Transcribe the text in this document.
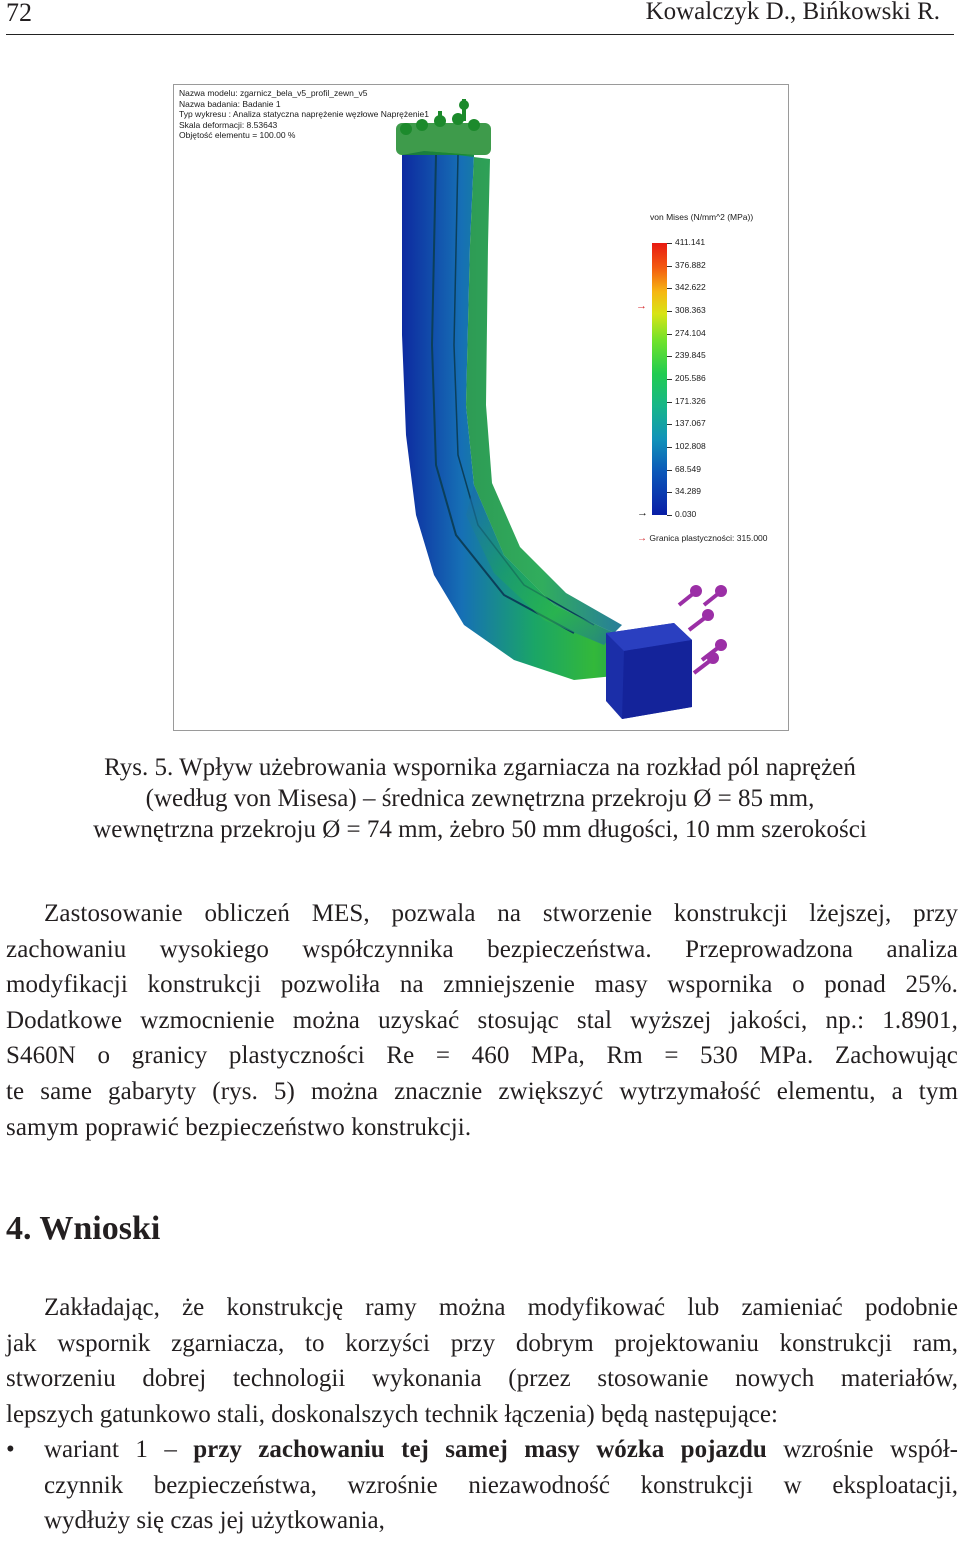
72	Kowalczyk D., Bińkowski R.
Nazwa modelu: zgarnicz_bela_v5_profil_zewn_v5
Nazwa badania: Badanie 1
Typ wykresu : Analiza statyczna naprężenie węzłowe Naprężenie1
Skala deformacji: 8.53643
Objętość elementu = 100.00 %
von Mises (N/mm^2 (MPa))
→
→
411.141
376.882
342.622
308.363
274.104
239.845
205.586
171.326
137.067
102.808
68.549
34.289
0.030
→ Granica plastyczności: 315.000
Rys. 5. Wpływ użebrowania wspornika zgarniacza na rozkład pól naprężeń
(według von Misesa) – średnica zewnętrzna przekroju Ø = 85 mm,
wewnętrzna przekroju Ø = 74 mm, żebro 50 mm długości, 10 mm szerokości
Zastosowanie obliczeń MES, pozwala na stworzenie konstrukcji lżejszej, przy
zachowaniu wysokiego współczynnika bezpieczeństwa. Przeprowadzona analiza
modyfikacji konstrukcji pozwoliła na zmniejszenie masy wspornika o ponad 25%.
Dodatkowe wzmocnienie można uzyskać stosując stal wyższej jakości, np.: 1.8901,
S460N o granicy plastyczności Re = 460 MPa, Rm = 530 MPa. Zachowując
te same gabaryty (rys. 5) można znacznie zwiększyć wytrzymałość elementu, a tym
samym poprawić bezpieczeństwo konstrukcji.
4. Wnioski
Zakładając, że konstrukcję ramy można modyfikować lub zamieniać podobnie
jak wspornik zgarniacza, to korzyści przy dobrym projektowaniu konstrukcji ram,
stworzeniu dobrej technologii wykonania (przez stosowanie nowych materiałów,
lepszych gatunkowo stali, doskonalszych technik łączenia) będą następujące:
• wariant 1 – przy zachowaniu tej samej masy wózka pojazdu wzrośnie współ-
czynnik bezpieczeństwa, wzrośnie niezawodność konstrukcji w eksploatacji,
wydłuży się czas jej użytkowania,
